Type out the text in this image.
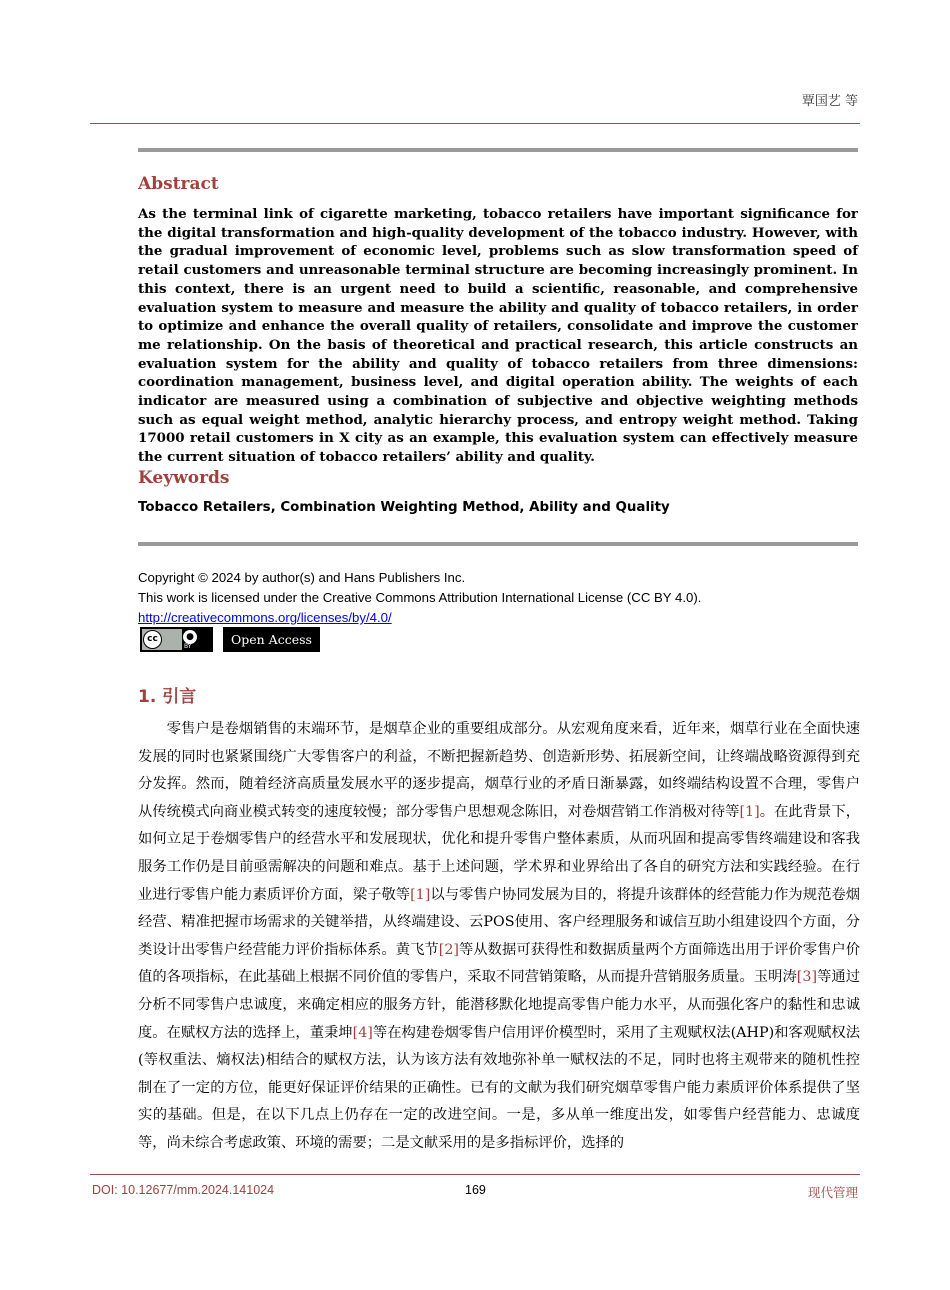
覃国艺 等
Abstract
As the terminal link of cigarette marketing, tobacco retailers have important significance for the digital transformation and high-quality development of the tobacco industry. However, with the gradual improvement of economic level, problems such as slow transformation speed of retail customers and unreasonable terminal structure are becoming increasingly prominent. In this context, there is an urgent need to build a scientific, reasonable, and comprehensive evaluation system to measure and measure the ability and quality of tobacco retailers, in order to optimize and enhance the overall quality of retailers, consolidate and improve the customer me relationship. On the basis of theoretical and practical research, this article constructs an evaluation system for the ability and quality of tobacco retailers from three dimensions: coordination management, business level, and digital operation ability. The weights of each indicator are measured using a combination of subjective and objective weighting methods such as equal weight method, analytic hierarchy process, and entropy weight method. Taking 17000 retail customers in X city as an example, this evaluation system can effectively measure the current situation of tobacco retailers’ ability and quality.
Keywords
Tobacco Retailers, Combination Weighting Method, Ability and Quality
Copyright © 2024 by author(s) and Hans Publishers Inc.
This work is licensed under the Creative Commons Attribution International License (CC BY 4.0).
http://creativecommons.org/licenses/by/4.0/
cc	●
BY	Open Access
1. 引言
零售户是卷烟销售的末端环节，是烟草企业的重要组成部分。从宏观角度来看，近年来，烟草行业在全面快速发展的同时也紧紧围绕广大零售客户的利益，不断把握新趋势、创造新形势、拓展新空间，让终端战略资源得到充分发挥。然而，随着经济高质量发展水平的逐步提高，烟草行业的矛盾日渐暴露，如终端结构设置不合理，零售户从传统模式向商业模式转变的速度较慢；部分零售户思想观念陈旧，对卷烟营销工作消极对待等[1]。在此背景下，如何立足于卷烟零售户的经营水平和发展现状，优化和提升零售户整体素质，从而巩固和提高零售终端建设和客我服务工作仍是目前亟需解决的问题和难点。基于上述问题，学术界和业界给出了各自的研究方法和实践经验。在行业进行零售户能力素质评价方面，梁子敬等[1]以与零售户协同发展为目的，将提升该群体的经营能力作为规范卷烟经营、精准把握市场需求的关键举措，从终端建设、云POS使用、客户经理服务和诚信互助小组建设四个方面，分类设计出零售户经营能力评价指标体系。黄飞节[2]等从数据可获得性和数据质量两个方面筛选出用于评价零售户价值的各项指标，在此基础上根据不同价值的零售户，采取不同营销策略，从而提升营销服务质量。玉明涛[3]等通过分析不同零售户忠诚度，来确定相应的服务方针，能潜移默化地提高零售户能力水平，从而强化客户的黏性和忠诚度。在赋权方法的选择上，董秉坤[4]等在构建卷烟零售户信用评价模型时，采用了主观赋权法(AHP)和客观赋权法(等权重法、熵权法)相结合的赋权方法，认为该方法有效地弥补单一赋权法的不足，同时也将主观带来的随机性控制在了一定的方位，能更好保证评价结果的正确性。已有的文献为我们研究烟草零售户能力素质评价体系提供了坚实的基础。但是，在以下几点上仍存在一定的改进空间。一是，多从单一维度出发，如零售户经营能力、忠诚度等，尚未综合考虑政策、环境的需要；二是文献采用的是多指标评价，选择的
DOI: 10.12677/mm.2024.141024	169	现代管理
